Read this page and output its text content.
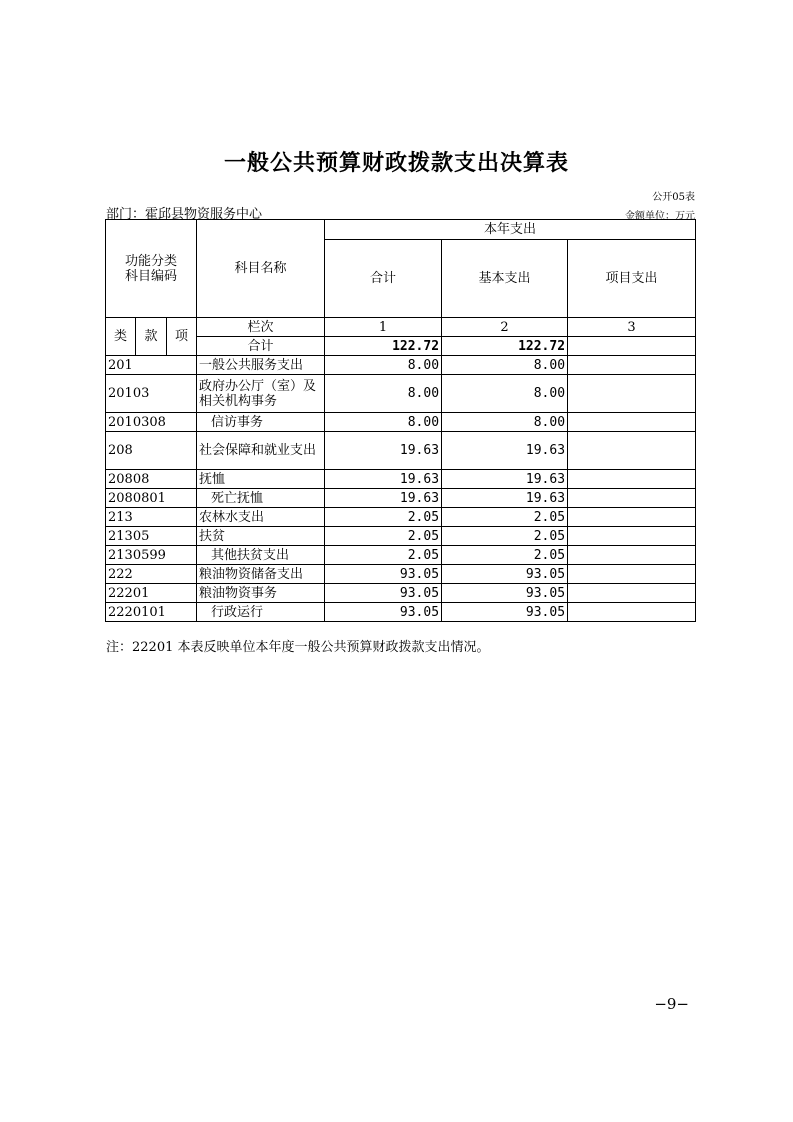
一般公共预算财政拨款支出决算表
公开05表
部门：霍邱县物资服务中心	金额单位：万元
功能分类科目编码			科目名称	本年支出		
				合计	基本支出	项目支出
类	款	项	栏次	1	2	3
			合计	122.72	122.72	
201			一般公共服务支出	8.00	8.00	
20103			政府办公厅（室）及相关机构事务	8.00	8.00	
2010308			信访事务	8.00	8.00	
208			社会保障和就业支出	19.63	19.63	
20808			抚恤	19.63	19.63	
2080801			死亡抚恤	19.63	19.63	
213			农林水支出	2.05	2.05	
21305			扶贫	2.05	2.05	
2130599			其他扶贫支出	2.05	2.05	
222			粮油物资储备支出	93.05	93.05	
22201			粮油物资事务	93.05	93.05	
2220101			行政运行	93.05	93.05	
注：22201 本表反映单位本年度一般公共预算财政拨款支出情况。
−9−
